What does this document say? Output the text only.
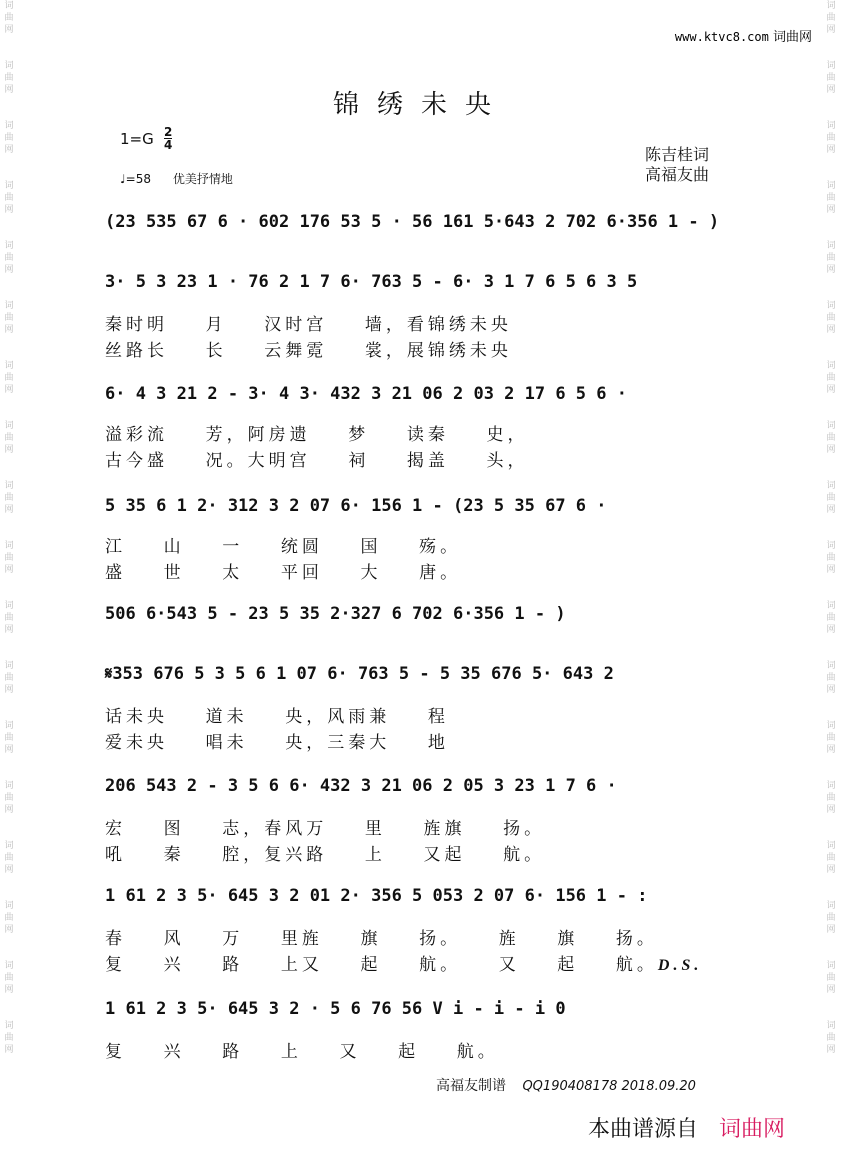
词曲网
词曲网
词曲网
词曲网
词曲网
词曲网
词曲网
词曲网
词曲网
词曲网
词曲网
词曲网
词曲网
词曲网
词曲网
词曲网
词曲网
词曲网
词曲网
词曲网
词曲网
词曲网
词曲网
词曲网
词曲网
词曲网
词曲网
词曲网
词曲网
词曲网
词曲网
词曲网
词曲网
词曲网
词曲网
词曲网
www.ktvc8.com 词曲网
锦绣未央
1=G 2
4
♩=58 优美抒情地
陈吉桂词
高福友曲
(23 535 67 6 · 602 176 53 5 · 56 161 5·643 2 702 6·356 1 - )
3· 5 3 23 1 · 76 2 1 7 6· 763 5 - 6· 3 1 7 6 5 6 3 5
秦时明    月    汉时宫    墙，看锦绣未央
丝路长    长    云舞霓    裳，展锦绣未央
6· 4 3 21 2 - 3· 4 3· 432 3 21 06 2 03 2 17 6 5 6 ·
溢彩流    芳，阿房遗    梦    读秦    史，
古今盛    况。大明宫    祠    揭盖    头，
5 35 6 1 2· 312 3 2 07 6· 156 1 - (23 5 35 67 6 ·
江    山    一    统圆    国    殇。
盛    世    太    平回    大    唐。
506 6·543 5 - 23 5 35 2·327 6 702 6·356 1 - )
𝄋353 676 5 3 5 6 1 07 6· 763 5 - 5 35 676 5· 643 2
话未央    道未    央，风雨兼    程
爱未央    唱未    央，三秦大    地
206 543 2 - 3 5 6 6· 432 3 21 06 2 05 3 23 1 7 6 ·
宏    图    志，春风万    里    旌旗    扬。
吼    秦    腔，复兴路    上    又起    航。
1 61 2 3 5· 645 3 2 01 2· 356 5 053 2 07 6· 156 1 - :
春    风    万    里旌    旗    扬。    旌    旗    扬。
复    兴    路    上又    起    航。    又    起    航。D.S.
1 61 2 3 5· 645 3 2 · 5 6 76 56 V i - i - i 0
复    兴    路    上    又    起    航。
高福友制谱 QQ190408178 2018.09.20
本曲谱源自 词曲网
